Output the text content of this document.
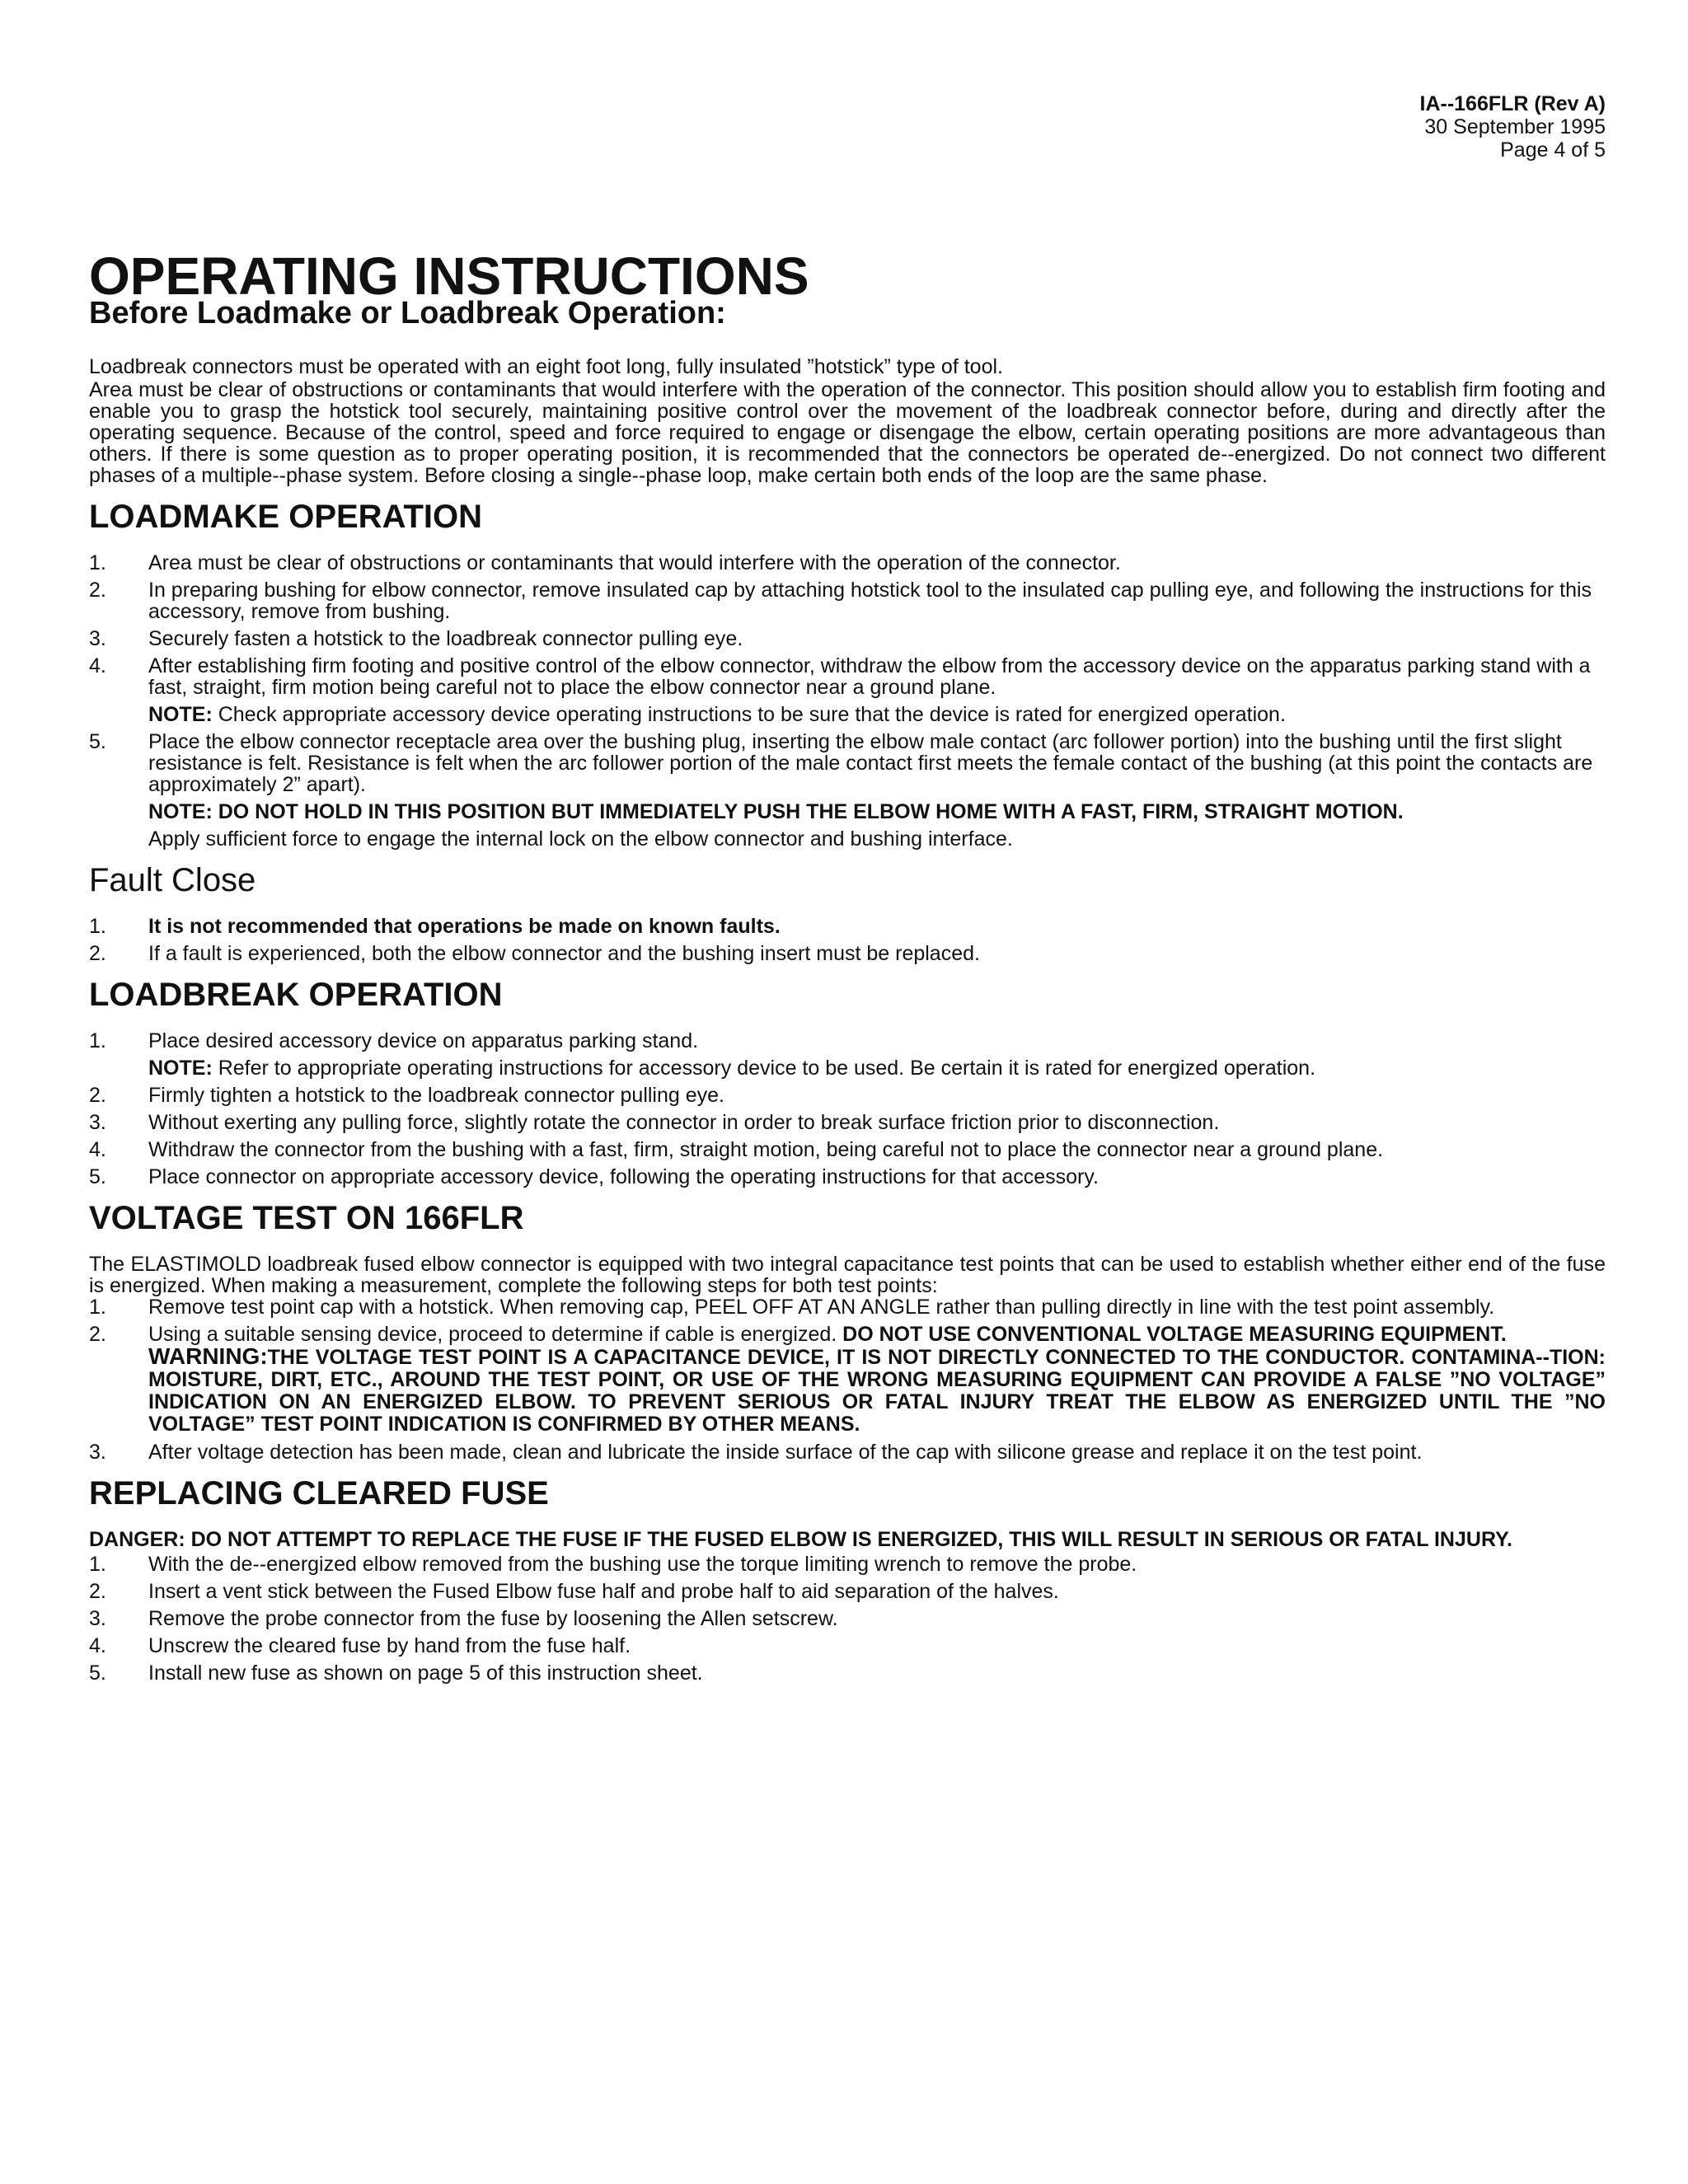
IA--166FLR (Rev A)
30 September 1995
Page 4 of 5
OPERATING INSTRUCTIONS
Before Loadmake or Loadbreak Operation:

Loadbreak connectors must be operated with an eight foot long, fully insulated ”hotstick” type of tool.

Area must be clear of obstructions or contaminants that would interfere with the operation of the connector. This position should allow you to establish firm footing and enable you to grasp the hotstick tool securely, maintaining positive control over the movement of the loadbreak connector before, during and directly after the operating sequence. Because of the control, speed and force required to engage or disengage the elbow, certain operating positions are more advantageous than others. If there is some question as to proper operating position, it is recommended that the connectors be operated de--energized. Do not connect two different phases of a multiple--phase system. Before closing a single--phase loop, make certain both ends of the loop are the same phase.

LOADMAKE OPERATION
1. Area must be clear of obstructions or contaminants that would interfere with the operation of the connector.
2. In preparing bushing for elbow connector, remove insulated cap by attaching hotstick tool to the insulated cap pulling eye, and following the instructions for this accessory, remove from bushing.
3. Securely fasten a hotstick to the loadbreak connector pulling eye.
4. After establishing firm footing and positive control of the elbow connector, withdraw the elbow from the accessory device on the apparatus parking stand with a fast, straight, firm motion being careful not to place the elbow connector near a ground plane.
NOTE: Check appropriate accessory device operating instructions to be sure that the device is rated for energized operation.
5. Place the elbow connector receptacle area over the bushing plug, inserting the elbow male contact (arc follower portion) into the bushing until the first slight resistance is felt. Resistance is felt when the arc follower portion of the male contact first meets the female contact of the bushing (at this point the contacts are approximately 2” apart).
NOTE: DO NOT HOLD IN THIS POSITION BUT IMMEDIATELY PUSH THE ELBOW HOME WITH A FAST, FIRM, STRAIGHT MOTION.
Apply sufficient force to engage the internal lock on the elbow connector and bushing interface.
Fault Close
1. It is not recommended that operations be made on known faults.
2. If a fault is experienced, both the elbow connector and the bushing insert must be replaced.
LOADBREAK OPERATION
1. Place desired accessory device on apparatus parking stand.
NOTE: Refer to appropriate operating instructions for accessory device to be used. Be certain it is rated for energized operation.
2. Firmly tighten a hotstick to the loadbreak connector pulling eye.
3. Without exerting any pulling force, slightly rotate the connector in order to break surface friction prior to disconnection.
4. Withdraw the connector from the bushing with a fast, firm, straight motion, being careful not to place the connector near a ground plane.
5. Place connector on appropriate accessory device, following the operating instructions for that accessory.
VOLTAGE TEST ON 166FLR

The ELASTIMOLD loadbreak fused elbow connector is equipped with two integral capacitance test points that can be used to establish whether either end of the fuse is energized. When making a measurement, complete the following steps for both test points:

1. Remove test point cap with a hotstick. When removing cap, PEEL OFF AT AN ANGLE rather than pulling directly in line with the test point assembly.
2. Using a suitable sensing device, proceed to determine if cable is energized. DO NOT USE CONVENTIONAL VOLTAGE MEASURING EQUIPMENT.
WARNING:THE VOLTAGE TEST POINT IS A CAPACITANCE DEVICE, IT IS NOT DIRECTLY CONNECTED TO THE CONDUCTOR. CONTAMINA--TION: MOISTURE, DIRT, ETC., AROUND THE TEST POINT, OR USE OF THE WRONG MEASURING EQUIPMENT CAN PROVIDE A FALSE ”NO VOLTAGE” INDICATION ON AN ENERGIZED ELBOW. TO PREVENT SERIOUS OR FATAL INJURY TREAT THE ELBOW AS ENERGIZED UNTIL THE ”NO VOLTAGE” TEST POINT INDICATION IS CONFIRMED BY OTHER MEANS.
3. After voltage detection has been made, clean and lubricate the inside surface of the cap with silicone grease and replace it on the test point.
REPLACING CLEARED FUSE

DANGER: DO NOT ATTEMPT TO REPLACE THE FUSE IF THE FUSED ELBOW IS ENERGIZED, THIS WILL RESULT IN SERIOUS OR FATAL INJURY.

1. With the de--energized elbow removed from the bushing use the torque limiting wrench to remove the probe.
2. Insert a vent stick between the Fused Elbow fuse half and probe half to aid separation of the halves.
3. Remove the probe connector from the fuse by loosening the Allen setscrew.
4. Unscrew the cleared fuse by hand from the fuse half.
5. Install new fuse as shown on page 5 of this instruction sheet.
